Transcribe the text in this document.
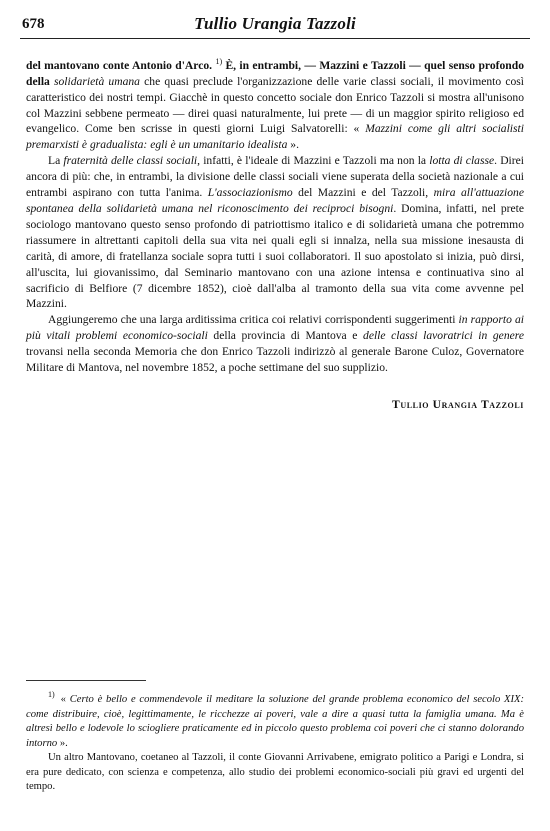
678	Tullio Urangia Tazzoli

del mantovano conte Antonio d'Arco. $^{1)}$ È, in entrambi, — Mazzini e Tazzoli — quel senso profondo della solidarietà umana che quasi preclude l'organizzazione delle varie classi sociali, il movimento così caratteristico dei nostri tempi. Giacchè in questo concetto sociale don Enrico Tazzoli si mostra all'unisono col Mazzini sebbene permeato — direi quasi naturalmente, lui prete — di un maggior spirito religioso ed evangelico. Come ben scrisse in questi giorni Luigi Salvatorelli: « Mazzini come gli altri socialisti premarxisti è gradualista: egli è un umanitario idealista ».

La fraternità delle classi sociali, infatti, è l'ideale di Mazzini e Tazzoli ma non la lotta di classe. Direi ancora di più: che, in entrambi, la divisione delle classi sociali viene superata della società nazionale a cui entrambi aspirano con tutta l'anima. L'associazionismo del Mazzini e del Tazzoli, mira all'attuazione spontanea della solidarietà umana nel riconoscimento dei reciproci bisogni. Domina, infatti, nel prete sociologo mantovano questo senso profondo di patriottismo italico e di solidarietà umana che potremmo riassumere in altrettanti capitoli della sua vita nei quali egli si innalza, nella sua missione inesausta di carità, di amore, di fratellanza sociale sopra tutti i suoi collaboratori. Il suo apostolato si inizia, può dirsi, all'uscita, lui giovanissimo, dal Seminario mantovano con una azione intensa e continuativa sino al sacrificio di Belfiore (7 dicembre 1852), cioè dall'alba al tramonto della sua vita come avvenne pel Mazzini.

Aggiungeremo che una larga arditissima critica coi relativi corrispondenti suggerimenti in rapporto ai più vitali problemi economico-sociali della provincia di Mantova e delle classi lavoratrici in genere trovansi nella seconda Memoria che don Enrico Tazzoli indirizzò al generale Barone Culoz, Governatore Militare di Mantova, nel novembre 1852, a poche settimane del suo supplizio.

Tullio Urangia Tazzoli

$^{1)}$ « Certo è bello e commendevole il meditare la soluzione del grande problema economico del secolo XIX: come distribuire, cioè, legittimamente, le ricchezze ai poveri, vale a dire a quasi tutta la famiglia umana. Ma è altresì bello e lodevole lo sciogliere praticamente ed in piccolo questo problema coi poveri che ci stanno dolorando intorno ».

Un altro Mantovano, coetaneo al Tazzoli, il conte Giovanni Arrivabene, emigrato politico a Parigi e Londra, si era pure dedicato, con scienza e competenza, allo studio dei problemi economico-sociali più gravi ed urgenti del tempo.
